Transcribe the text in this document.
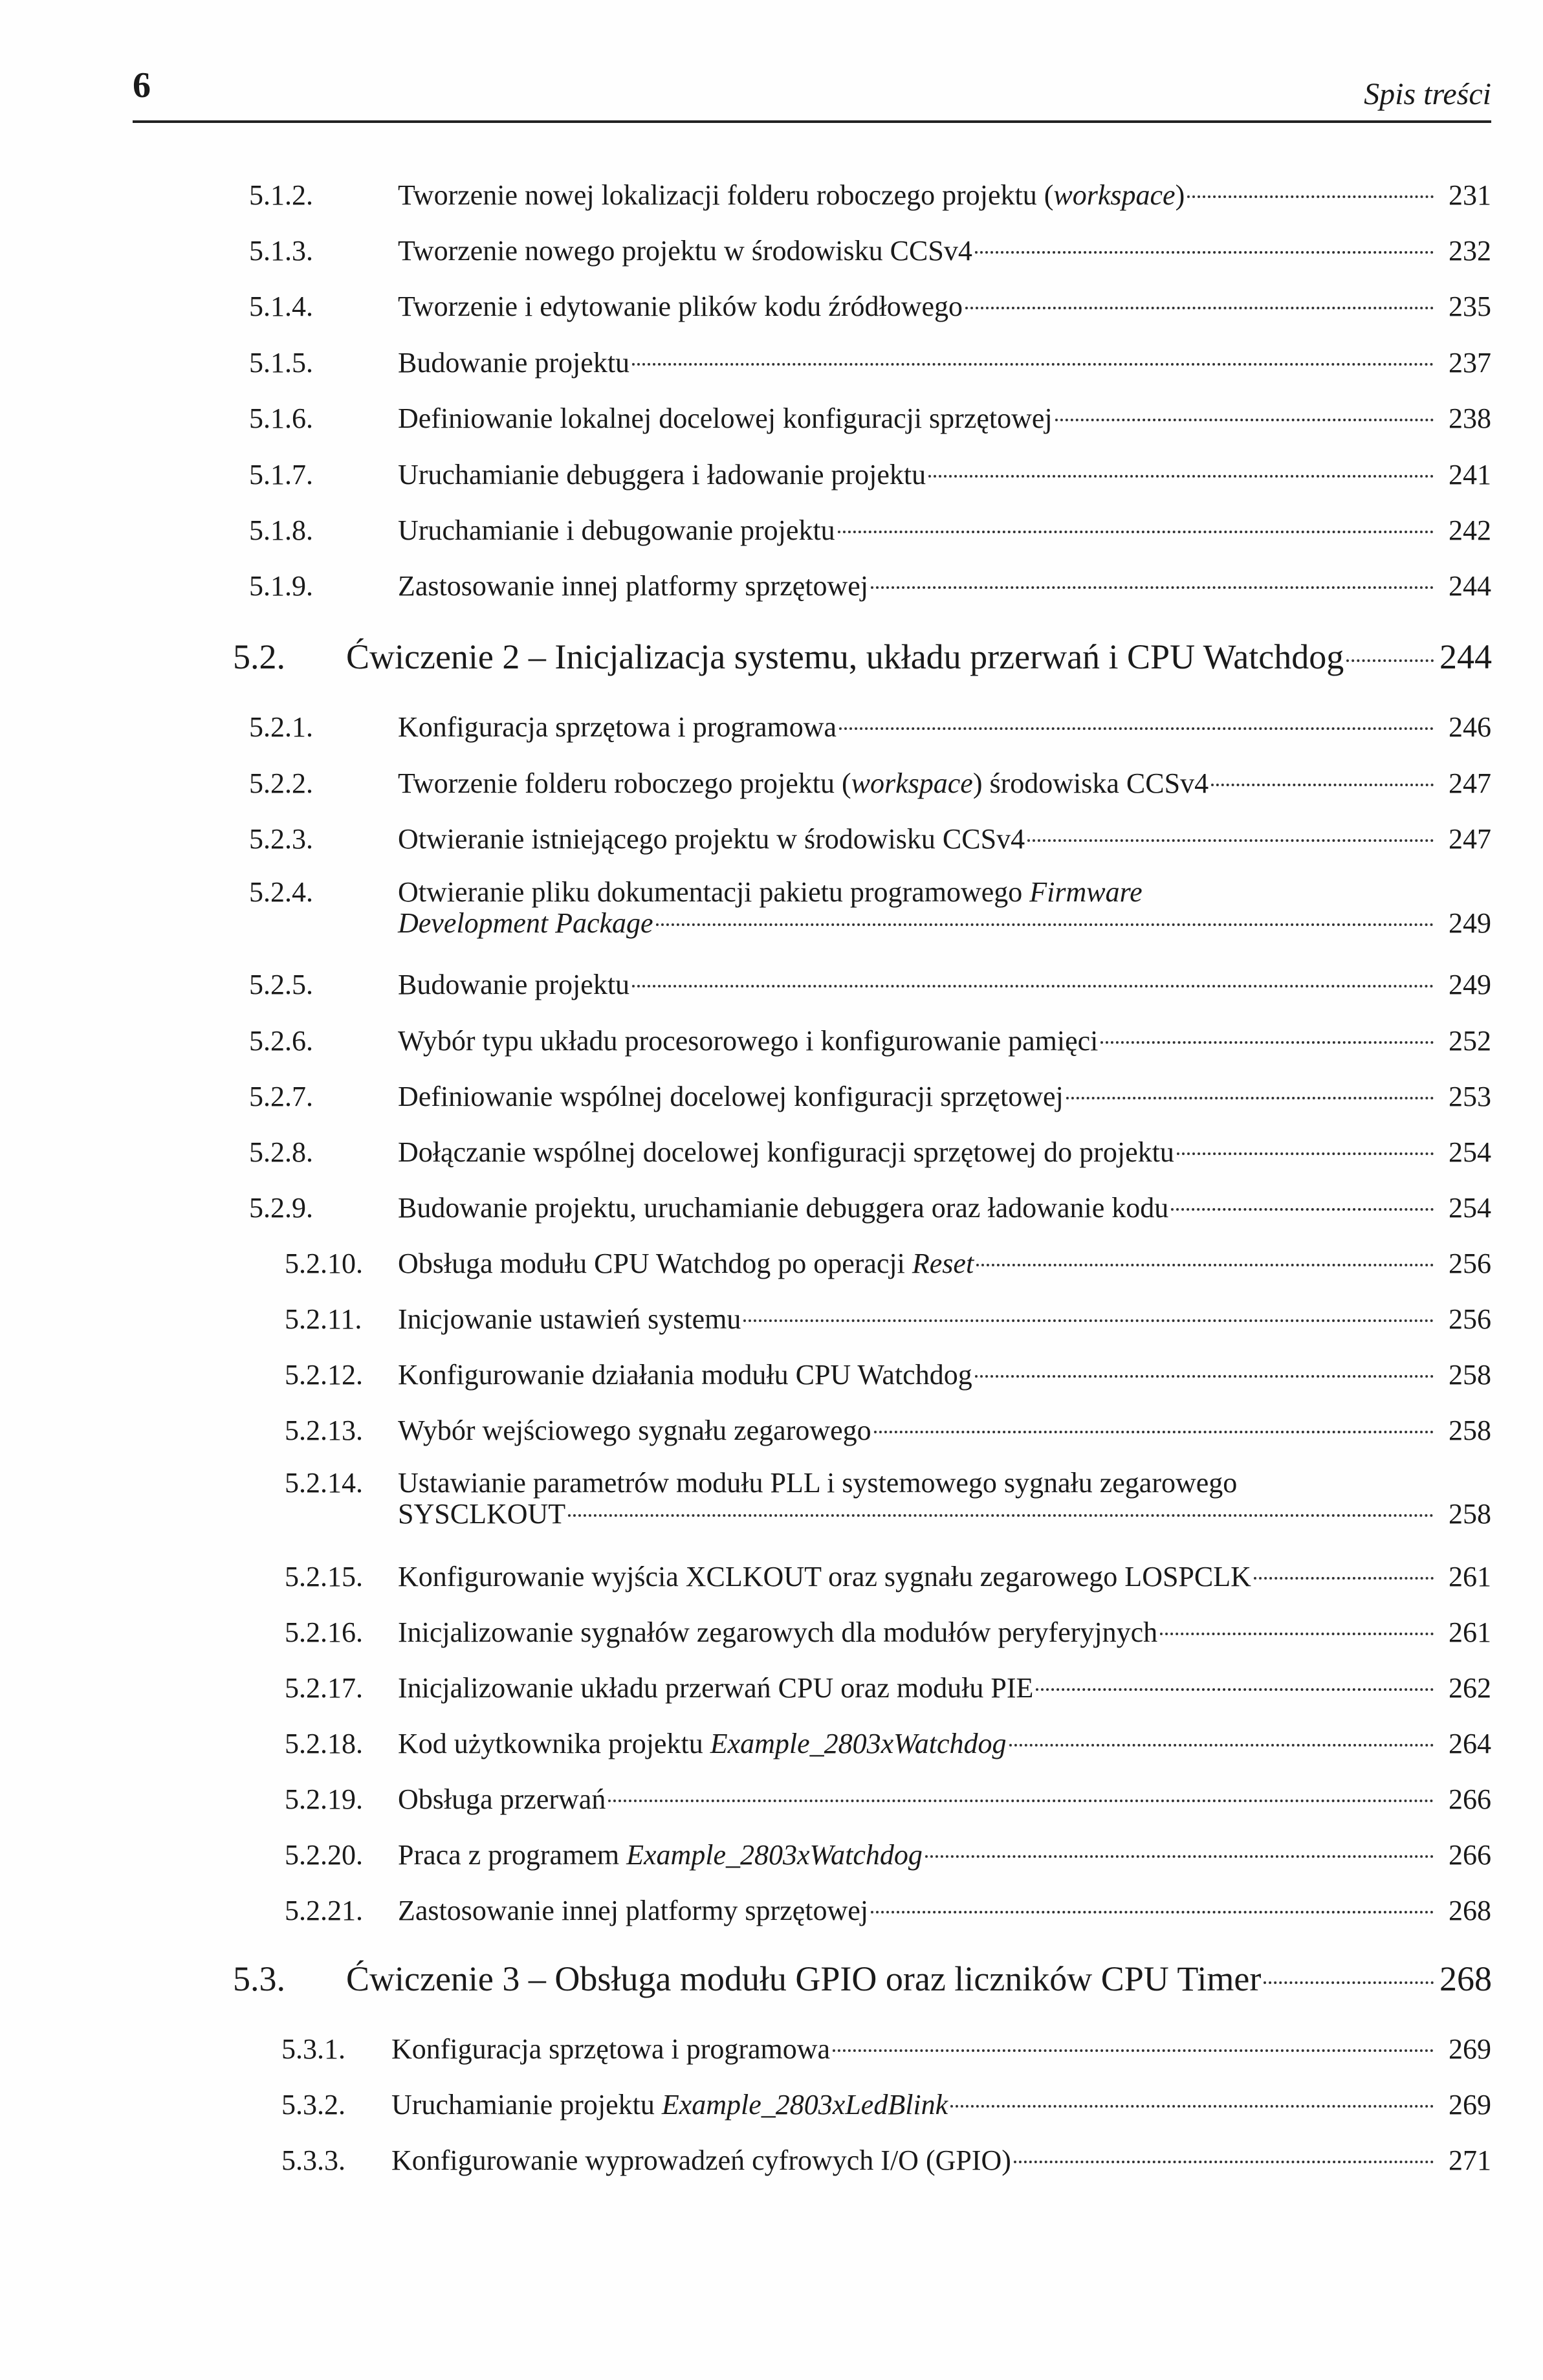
6	Spis treści
5.1.2.	Tworzenie nowej lokalizacji folderu roboczego projektu (workspace)	231
5.1.3.	Tworzenie nowego projektu w środowisku CCSv4	232
5.1.4.	Tworzenie i edytowanie plików kodu źródłowego	235
5.1.5.	Budowanie projektu	237
5.1.6.	Definiowanie lokalnej docelowej konfiguracji sprzętowej	238
5.1.7.	Uruchamianie debuggera i ładowanie projektu	241
5.1.8.	Uruchamianie i debugowanie projektu	242
5.1.9.	Zastosowanie innej platformy sprzętowej	244
5.2. Ćwiczenie 2 – Inicjalizacja systemu, układu przerwań i CPU Watchdog	244
5.2.1.	Konfiguracja sprzętowa i programowa	246
5.2.2.	Tworzenie folderu roboczego projektu (workspace) środowiska CCSv4	247
5.2.3.	Otwieranie istniejącego projektu w środowisku CCSv4	247
5.2.4.	Otwieranie pliku dokumentacji pakietu programowego Firmware
Development Package	249
5.2.5.	Budowanie projektu	249
5.2.6.	Wybór typu układu procesorowego i konfigurowanie pamięci	252
5.2.7.	Definiowanie wspólnej docelowej konfiguracji sprzętowej	253
5.2.8.	Dołączanie wspólnej docelowej konfiguracji sprzętowej do projektu	254
5.2.9.	Budowanie projektu, uruchamianie debuggera oraz ładowanie kodu	254
5.2.10. Obsługa modułu CPU Watchdog po operacji Reset	256
5.2.11. Inicjowanie ustawień systemu	256
5.2.12. Konfigurowanie działania modułu CPU Watchdog	258
5.2.13. Wybór wejściowego sygnału zegarowego	258
5.2.14. Ustawianie parametrów modułu PLL i systemowego sygnału zegarowego
SYSCLKOUT	258
5.2.15. Konfigurowanie wyjścia XCLKOUT oraz sygnału zegarowego LOSPCLK	261
5.2.16. Inicjalizowanie sygnałów zegarowych dla modułów peryferyjnych	261
5.2.17. Inicjalizowanie układu przerwań CPU oraz modułu PIE	262
5.2.18. Kod użytkownika projektu Example_2803xWatchdog	264
5.2.19. Obsługa przerwań	266
5.2.20. Praca z programem Example_2803xWatchdog	266
5.2.21. Zastosowanie innej platformy sprzętowej	268
5.3. Ćwiczenie 3 – Obsługa modułu GPIO oraz liczników CPU Timer	268
5.3.1. Konfiguracja sprzętowa i programowa	269
5.3.2. Uruchamianie projektu Example_2803xLedBlink	269
5.3.3. Konfigurowanie wyprowadzeń cyfrowych I/O (GPIO)	271
